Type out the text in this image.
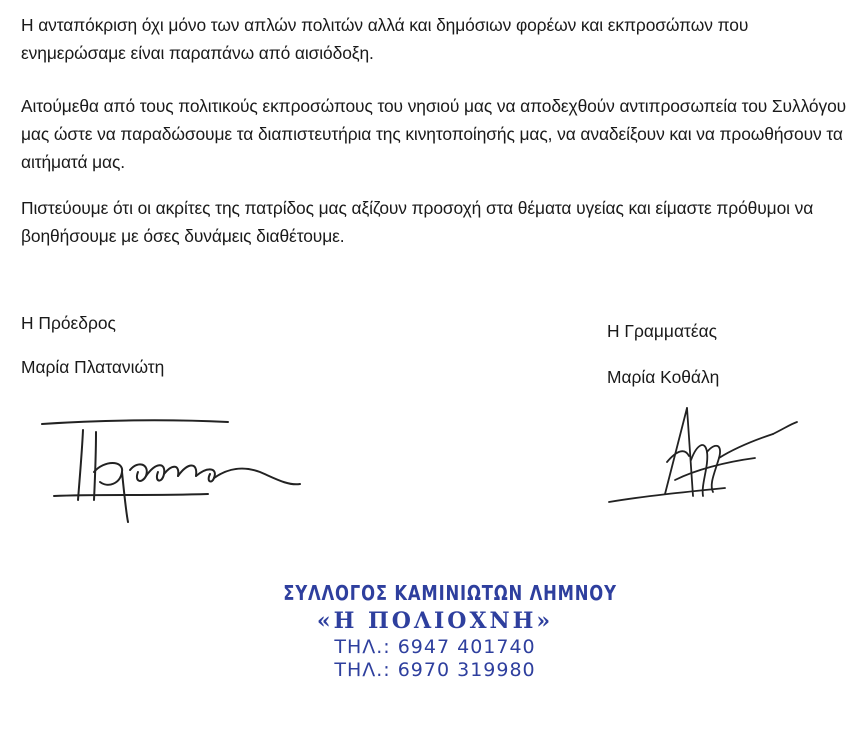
Η ανταπόκριση όχι μόνο των απλών πολιτών αλλά και δημόσιων φορέων και εκπροσώπων που ενημερώσαμε είναι παραπάνω από αισιόδοξη.

Αιτούμεθα από τους πολιτικούς εκπροσώπους του νησιού μας να αποδεχθούν αντιπροσωπεία του Συλλόγου μας ώστε να παραδώσουμε τα διαπιστευτήρια της κινητοποίησής μας, να αναδείξουν και να προωθήσουν τα αιτήματά μας.

Πιστεύουμε ότι οι ακρίτες της πατρίδος μας αξίζουν προσοχή στα θέματα υγείας και είμαστε πρόθυμοι να βοηθήσουμε με όσες δυνάμεις διαθέτουμε.

Η Πρόεδρος

Μαρία Πλατανιώτη

Η Γραμματέας

Μαρία Κοθάλη

ΣΥΛΛΟΓΟΣ ΚΑΜΙΝΙΩΤΩΝ ΛΗΜΝΟΥ
«Η ΠΟΛΙΟΧΝΗ»
ΤΗΛ.: 6947 401740
ΤΗΛ.: 6970 319980
